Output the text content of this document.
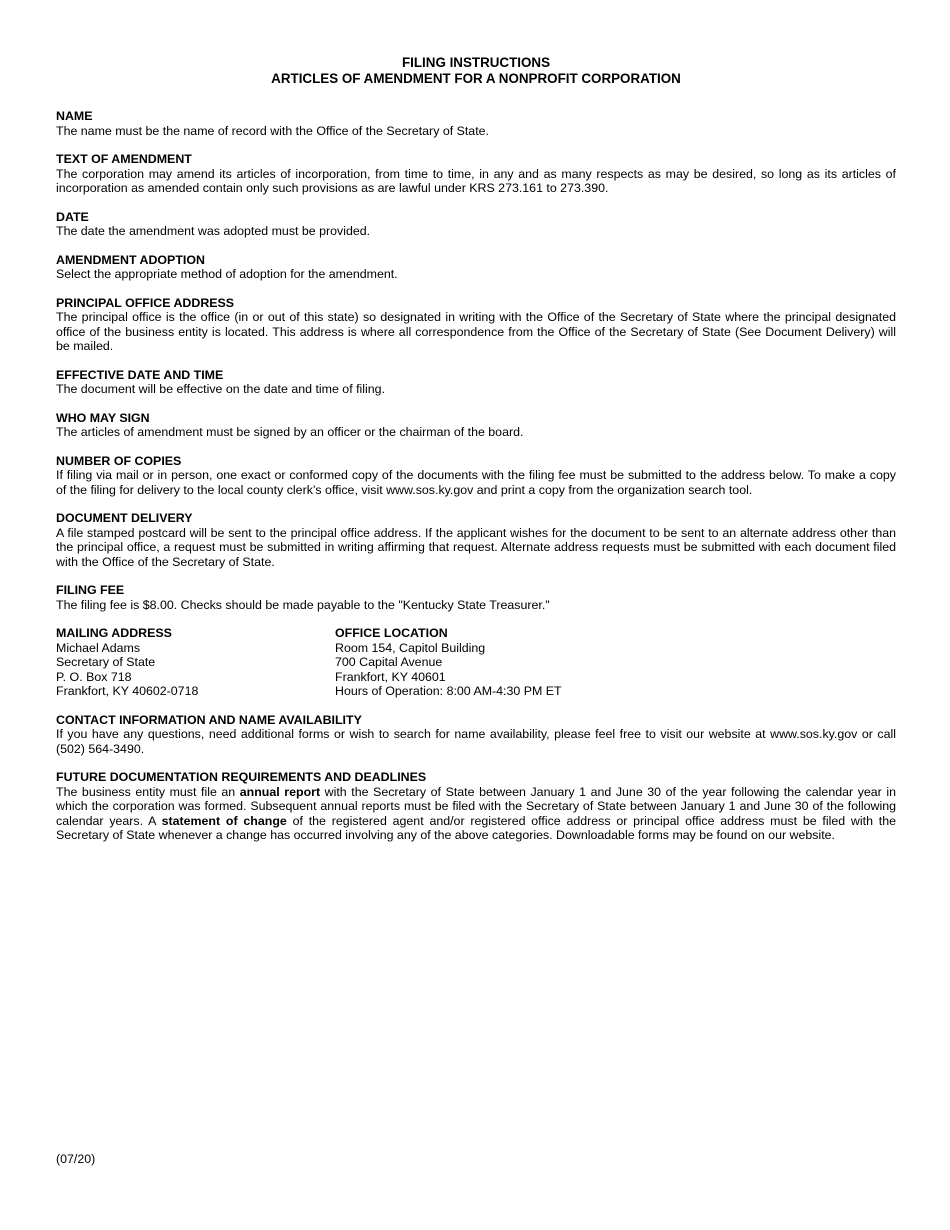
FILING INSTRUCTIONS
ARTICLES OF AMENDMENT FOR A NONPROFIT CORPORATION
NAME
The name must be the name of record with the Office of the Secretary of State.
TEXT OF AMENDMENT
The corporation may amend its articles of incorporation, from time to time, in any and as many respects as may be desired, so long as its articles of incorporation as amended contain only such provisions as are lawful under KRS 273.161 to 273.390.
DATE
The date the amendment was adopted must be provided.
AMENDMENT ADOPTION
Select the appropriate method of adoption for the amendment.
PRINCIPAL OFFICE ADDRESS
The principal office is the office (in or out of this state) so designated in writing with the Office of the Secretary of State where the principal designated office of the business entity is located. This address is where all correspondence from the Office of the Secretary of State (See Document Delivery) will be mailed.
EFFECTIVE DATE AND TIME
The document will be effective on the date and time of filing.
WHO MAY SIGN
The articles of amendment must be signed by an officer or the chairman of the board.
NUMBER OF COPIES
If filing via mail or in person, one exact or conformed copy of the documents with the filing fee must be submitted to the address below. To make a copy of the filing for delivery to the local county clerk’s office, visit www.sos.ky.gov and print a copy from the organization search tool.
DOCUMENT DELIVERY
A file stamped postcard will be sent to the principal office address. If the applicant wishes for the document to be sent to an alternate address other than the principal office, a request must be submitted in writing affirming that request. Alternate address requests must be submitted with each document filed with the Office of the Secretary of State.
FILING FEE
The filing fee is $8.00. Checks should be made payable to the "Kentucky State Treasurer."
MAILING ADDRESS
Michael Adams
Secretary of State
P. O. Box 718
Frankfort, KY 40602-0718
OFFICE LOCATION
Room 154, Capitol Building
700 Capital Avenue
Frankfort, KY 40601
Hours of Operation: 8:00 AM-4:30 PM ET
CONTACT INFORMATION AND NAME AVAILABILITY
If you have any questions, need additional forms or wish to search for name availability, please feel free to visit our website at www.sos.ky.gov or call (502) 564-3490.
FUTURE DOCUMENTATION REQUIREMENTS AND DEADLINES
The business entity must file an annual report with the Secretary of State between January 1 and June 30 of the year following the calendar year in which the corporation was formed. Subsequent annual reports must be filed with the Secretary of State between January 1 and June 30 of the following calendar years. A statement of change of the registered agent and/or registered office address or principal office address must be filed with the Secretary of State whenever a change has occurred involving any of the above categories. Downloadable forms may be found on our website.
(07/20)
